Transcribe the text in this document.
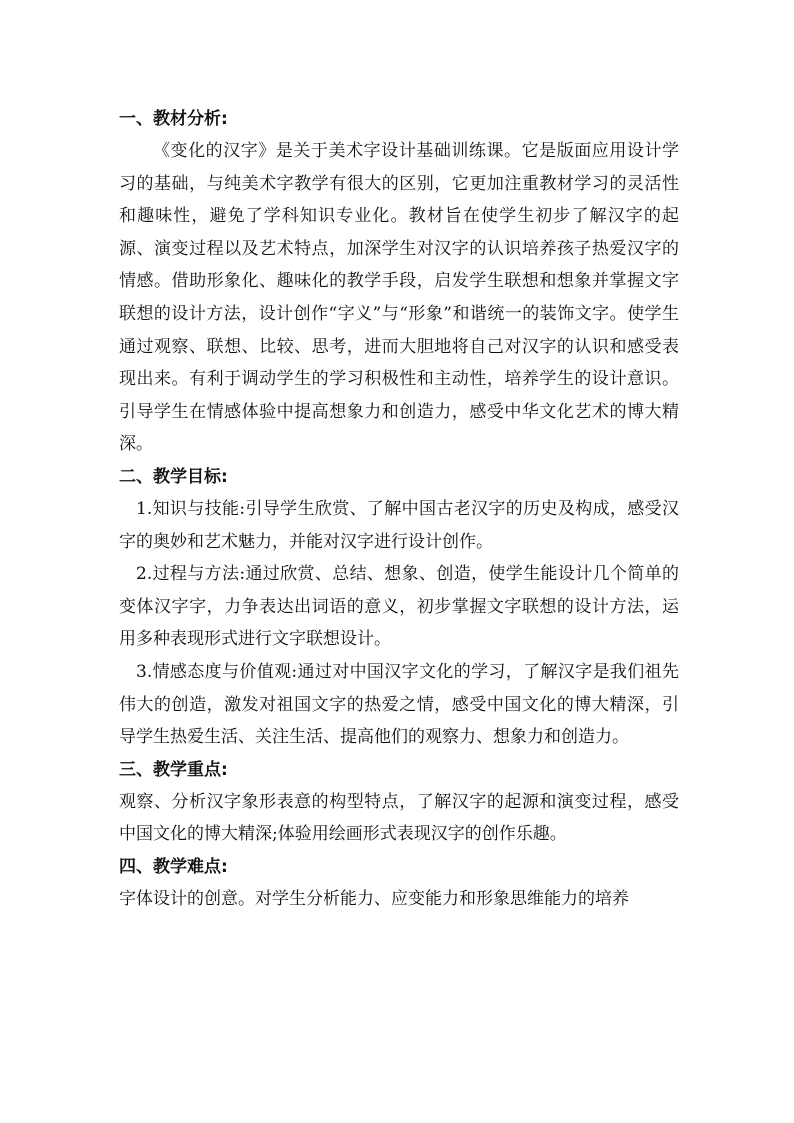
一、教材分析:

《变化的汉字》是关于美术字设计基础训练课。它是版面应用设计学习的基础，与纯美术字教学有很大的区别，它更加注重教材学习的灵活性和趣味性，避免了学科知识专业化。教材旨在使学生初步了解汉字的起源、演变过程以及艺术特点，加深学生对汉字的认识培养孩子热爱汉字的情感。借助形象化、趣味化的教学手段，启发学生联想和想象并掌握文字联想的设计方法，设计创作“字义”与“形象”和谐统一的装饰文字。使学生通过观察、联想、比较、思考，进而大胆地将自己对汉字的认识和感受表现出来。有利于调动学生的学习积极性和主动性，培养学生的设计意识。引导学生在情感体验中提高想象力和创造力，感受中华文化艺术的博大精深。

二、教学目标:

1.知识与技能:引导学生欣赏、了解中国古老汉字的历史及构成，感受汉字的奥妙和艺术魅力，并能对汉字进行设计创作。

2.过程与方法:通过欣赏、总结、想象、创造，使学生能设计几个简单的变体汉字字，力争表达出词语的意义，初步掌握文字联想的设计方法，运用多种表现形式进行文字联想设计。

3.情感态度与价值观:通过对中国汉字文化的学习，了解汉字是我们祖先伟大的创造，激发对祖国文字的热爱之情，感受中国文化的博大精深，引导学生热爱生活、关注生活、提高他们的观察力、想象力和创造力。

三、教学重点:

观察、分析汉字象形表意的构型特点，了解汉字的起源和演变过程，感受中国文化的博大精深;体验用绘画形式表现汉字的创作乐趣。

四、教学难点:

字体设计的创意。对学生分析能力、应变能力和形象思维能力的培养
